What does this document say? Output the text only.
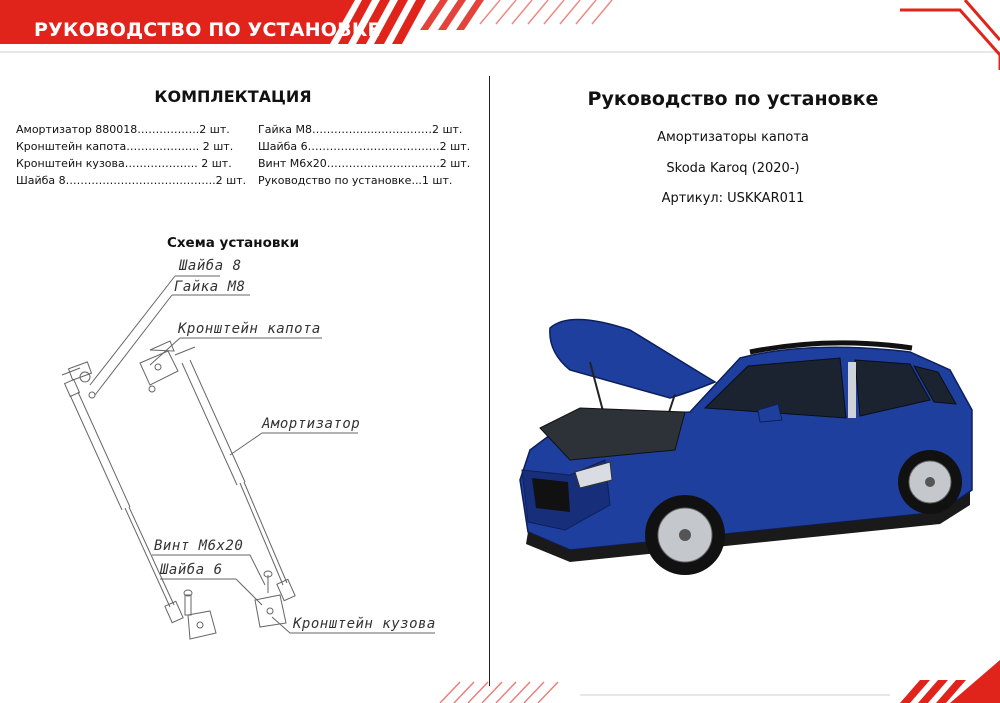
РУКОВОДСТВО ПО УСТАНОВКЕ
КОМПЛЕКТАЦИЯ
Амортизатор 880018……………..2 шт.
Кронштейн капота……………….. 2 шт.
Кронштейн кузова……………….. 2 шт.
Шайба 8…………………………………..2 шт.
Гайка М8……………...……...……2 шт.
Шайба 6………………………………2 шт.
Винт М6х20……………………...….2 шт.
Руководство по установке...1 шт.
Схема установки
Шайба 8
Гайка М8
Кронштейн капота
Амортизатор
Винт М6х20
Шайба 6
Кронштейн кузова
Руководство по установке
Амортизаторы капота
Skoda Karoq (2020-)
Артикул: USKKAR011
